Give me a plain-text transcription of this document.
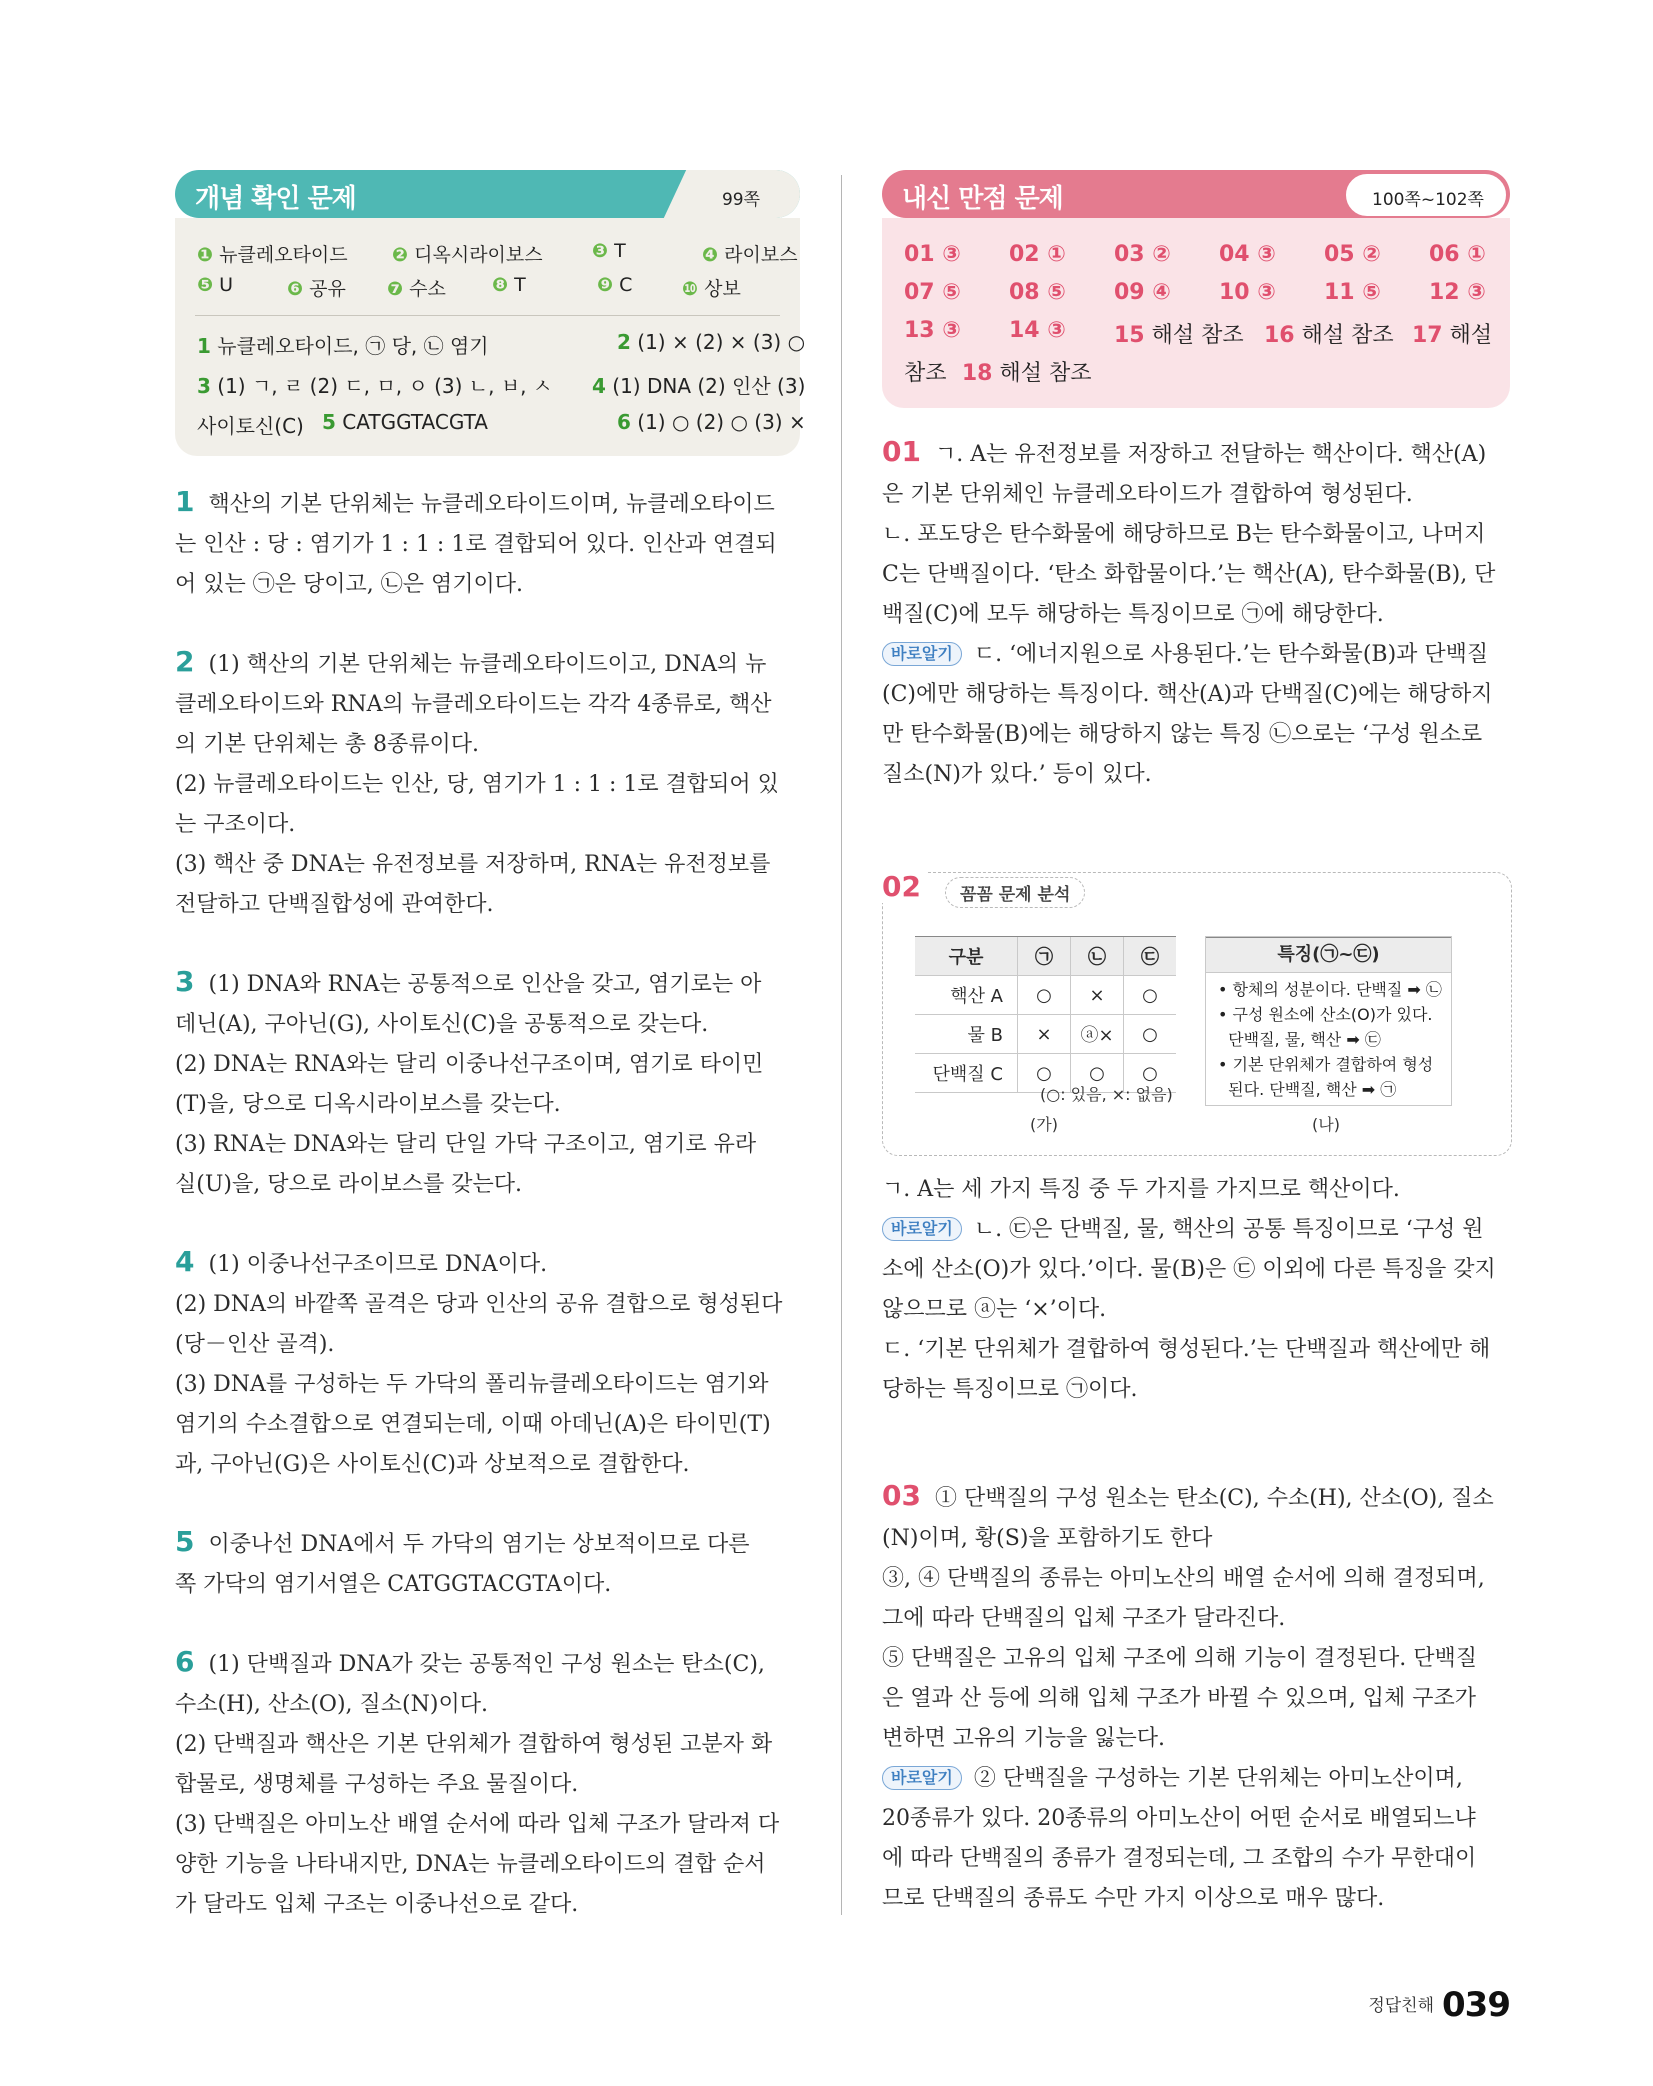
개념 확인 문제	99쪽
❶ 뉴클레오타이드 ❷ 디옥시라이보스	❸ T	❹ 라이보스
❺ U	❻ 공유 ❼ 수소 ❽ T	❾ C	❿ 상보
1 뉴클레오타이드, ㉠ 당, ㉡ 염기	2 (1) × (2) × (3) ○
3 (1) ㄱ, ㄹ (2) ㄷ, ㅁ, ㅇ (3) ㄴ, ㅂ, ㅅ 4 (1) DNA (2) 인산 (3)
사이토신(C) 5 CATGGTACGTA	6 (1) ○ (2) ○ (3) ×
1 핵산의 기본 단위체는 뉴클레오타이드이며, 뉴클레오타이드
는 인산 : 당 : 염기가 1 : 1 : 1로 결합되어 있다. 인산과 연결되
어 있는 ㉠은 당이고, ㉡은 염기이다.
2 (1) 핵산의 기본 단위체는 뉴클레오타이드이고, DNA의 뉴
클레오타이드와 RNA의 뉴클레오타이드는 각각 4종류로, 핵산
의 기본 단위체는 총 8종류이다.
(2) 뉴클레오타이드는 인산, 당, 염기가 1 : 1 : 1로 결합되어 있
는 구조이다.
(3) 핵산 중 DNA는 유전정보를 저장하며, RNA는 유전정보를
전달하고 단백질합성에 관여한다.
3 (1) DNA와 RNA는 공통적으로 인산을 갖고, 염기로는 아
데닌(A), 구아닌(G), 사이토신(C)을 공통적으로 갖는다.
(2) DNA는 RNA와는 달리 이중나선구조이며, 염기로 타이민
(T)을, 당으로 디옥시라이보스를 갖는다.
(3) RNA는 DNA와는 달리 단일 가닥 구조이고, 염기로 유라
실(U)을, 당으로 라이보스를 갖는다.
4 (1) 이중나선구조이므로 DNA이다.
(2) DNA의 바깥쪽 골격은 당과 인산의 공유 결합으로 형성된다
(당－인산 골격).
(3) DNA를 구성하는 두 가닥의 폴리뉴클레오타이드는 염기와
염기의 수소결합으로 연결되는데, 이때 아데닌(A)은 타이민(T)
과, 구아닌(G)은 사이토신(C)과 상보적으로 결합한다.
5 이중나선 DNA에서 두 가닥의 염기는 상보적이므로 다른
쪽 가닥의 염기서열은 CATGGTACGTA이다.
6 (1) 단백질과 DNA가 갖는 공통적인 구성 원소는 탄소(C),
수소(H), 산소(O), 질소(N)이다.
(2) 단백질과 핵산은 기본 단위체가 결합하여 형성된 고분자 화
합물로, 생명체를 구성하는 주요 물질이다.
(3) 단백질은 아미노산 배열 순서에 따라 입체 구조가 달라져 다
양한 기능을 나타내지만, DNA는 뉴클레오타이드의 결합 순서
가 달라도 입체 구조는 이중나선으로 같다.
내신 만점 문제	100쪽~102쪽
01 ③ 02 ① 03 ② 04 ③ 05 ② 06 ①
07 ⑤ 08 ⑤ 09 ④ 10 ③ 11 ⑤ 12 ③
13 ③ 14 ③ 15 해설 참조 16 해설 참조 17 해설
참조 18 해설 참조
01 ㄱ. A는 유전정보를 저장하고 전달하는 핵산이다. 핵산(A)
은 기본 단위체인 뉴클레오타이드가 결합하여 형성된다.
ㄴ. 포도당은 탄수화물에 해당하므로 B는 탄수화물이고, 나머지
C는 단백질이다. ‘탄소 화합물이다.’는 핵산(A), 탄수화물(B), 단
백질(C)에 모두 해당하는 특징이므로 ㉠에 해당한다.
바로알기 ㄷ. ‘에너지원으로 사용된다.’는 탄수화물(B)과 단백질
(C)에만 해당하는 특징이다. 핵산(A)과 단백질(C)에는 해당하지
만 탄수화물(B)에는 해당하지 않는 특징 ㉡으로는 ‘구성 원소로
질소(N)가 있다.’ 등이 있다.
02	꼼꼼 문제 분석
구분	㉠	㉡	㉢
핵산 A	○	×	○
물 B	×	ⓐ×	○
단백질 C	○	○	○
(○: 있음, ×: 없음)
(가)
특징(㉠~㉢)
• 항체의 성분이다. 단백질 ➡ ㉡
• 구성 원소에 산소(O)가 있다.
단백질, 물, 핵산 ➡ ㉢
• 기본 단위체가 결합하여 형성
된다. 단백질, 핵산 ➡ ㉠
(나)
ㄱ. A는 세 가지 특징 중 두 가지를 가지므로 핵산이다.
바로알기 ㄴ. ㉢은 단백질, 물, 핵산의 공통 특징이므로 ‘구성 원
소에 산소(O)가 있다.’이다. 물(B)은 ㉢ 이외에 다른 특징을 갖지
않으므로 ⓐ는 ‘×’이다.
ㄷ. ‘기본 단위체가 결합하여 형성된다.’는 단백질과 핵산에만 해
당하는 특징이므로 ㉠이다.
03 ① 단백질의 구성 원소는 탄소(C), 수소(H), 산소(O), 질소
(N)이며, 황(S)을 포함하기도 한다
③, ④ 단백질의 종류는 아미노산의 배열 순서에 의해 결정되며,
그에 따라 단백질의 입체 구조가 달라진다.
⑤ 단백질은 고유의 입체 구조에 의해 기능이 결정된다. 단백질
은 열과 산 등에 의해 입체 구조가 바뀔 수 있으며, 입체 구조가
변하면 고유의 기능을 잃는다.
바로알기 ② 단백질을 구성하는 기본 단위체는 아미노산이며,
20종류가 있다. 20종류의 아미노산이 어떤 순서로 배열되느냐
에 따라 단백질의 종류가 결정되는데, 그 조합의 수가 무한대이
므로 단백질의 종류도 수만 가지 이상으로 매우 많다.
정답친해 039
